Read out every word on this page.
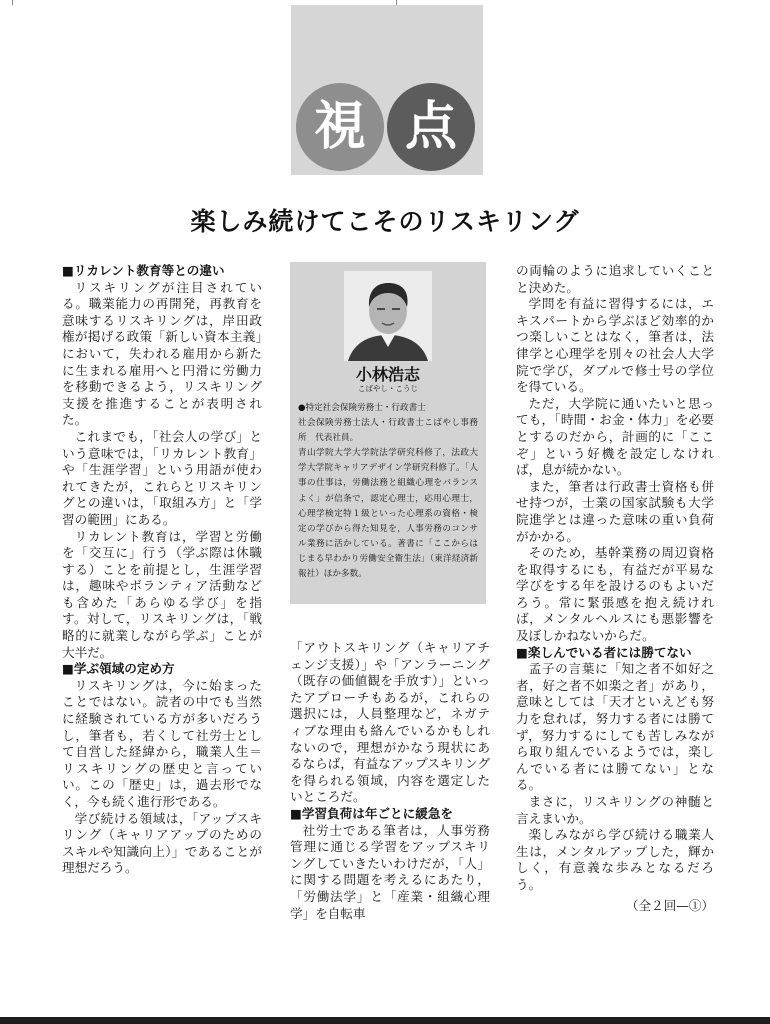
視 点
楽しみ続けてこそのリスキリング
■リカレント教育等との違い

リスキリングが注目されている。職業能力の再開発，再教育を意味するリスキリングは，岸田政権が掲げる政策「新しい資本主義」において，失われる雇用から新たに生まれる雇用へと円滑に労働力を移動できるよう，リスキリング支援を推進することが表明された。

これまでも，「社会人の学び」という意味では，「リカレント教育」や「生涯学習」という用語が使われてきたが，これらとリスキリングとの違いは，「取組み方」と「学習の範囲」にある。

リカレント教育は，学習と労働を「交互に」行う（学ぶ際は休職する）ことを前提とし，生涯学習は，趣味やボランティア活動なども含めた「あらゆる学び」を指す。対して，リスキリングは，「戦略的に就業しながら学ぶ」ことが大半だ。

■学ぶ領域の定め方

リスキリングは，今に始まったことではない。読者の中でも当然に経験されている方が多いだろうし，筆者も，若くして社労士として自営した経緯から，職業人生＝リスキリングの歴史と言っていい。この「歴史」は，過去形でなく，今も続く進行形である。

学び続ける領域は，「アップスキリング（キャリアアップのためのスキルや知識向上）」であることが理想だろう。

小林浩志
こばやし・こうじ
●特定社会保険労務士・行政書士
社会保険労務士法人・行政書士こばやし事務所　代表社員。
青山学院大学大学院法学研究科修了，法政大学大学院キャリアデザイン学研究科修了。「人事の仕事は，労働法務と組織心理をバランスよく」が信条で，認定心理士，応用心理士，心理学検定特１級といった心理系の資格・検定の学びから得た知見を，人事労務のコンサル業務に活かしている。著書に「ここからはじまる早わかり労働安全衛生法」（東洋経済新報社）ほか多数。

「アウトスキリング（キャリアチェンジ支援）」や「アンラーニング（既存の価値観を手放す）」といったアプローチもあるが，これらの選択には，人員整理など，ネガティブな理由も絡んでいるかもしれないので，理想がかなう現状にあるならば，有益なアップスキリングを得られる領域，内容を選定したいところだ。

■学習負荷は年ごとに緩急を

社労士である筆者は，人事労務管理に通じる学習をアップスキリングしていきたいわけだが，「人」に関する問題を考えるにあたり，「労働法学」と「産業・組織心理学」を自転車

の両輪のように追求していくことと決めた。

学問を有益に習得するには，エキスパートから学ぶほど効率的かつ楽しいことはなく，筆者は，法律学と心理学を別々の社会人大学院で学び，ダブルで修士号の学位を得ている。

ただ，大学院に通いたいと思っても，「時間・お金・体力」を必要とするのだから，計画的に「ここぞ」という好機を設定しなければ，息が続かない。

また，筆者は行政書士資格も併せ持つが，士業の国家試験も大学院進学とは違った意味の重い負荷がかかる。

そのため，基幹業務の周辺資格を取得するにも，有益だが平易な学びをする年を設けるのもよいだろう。常に緊張感を抱え続ければ，メンタルヘルスにも悪影響を及ぼしかねないからだ。

■楽しんでいる者には勝てない

孟子の言葉に「知之者不如好之者，好之者不如楽之者」があり，意味としては「天才といえども努力を怠れば，努力する者には勝てず，努力するにしても苦しみながら取り組んでいるようでは，楽しんでいる者には勝てない」となる。

まさに，リスキリングの神髄と言えまいか。

楽しみながら学び続ける職業人生は，メンタルアップした，輝かしく，有意義な歩みとなるだろう。

（全２回—①）
